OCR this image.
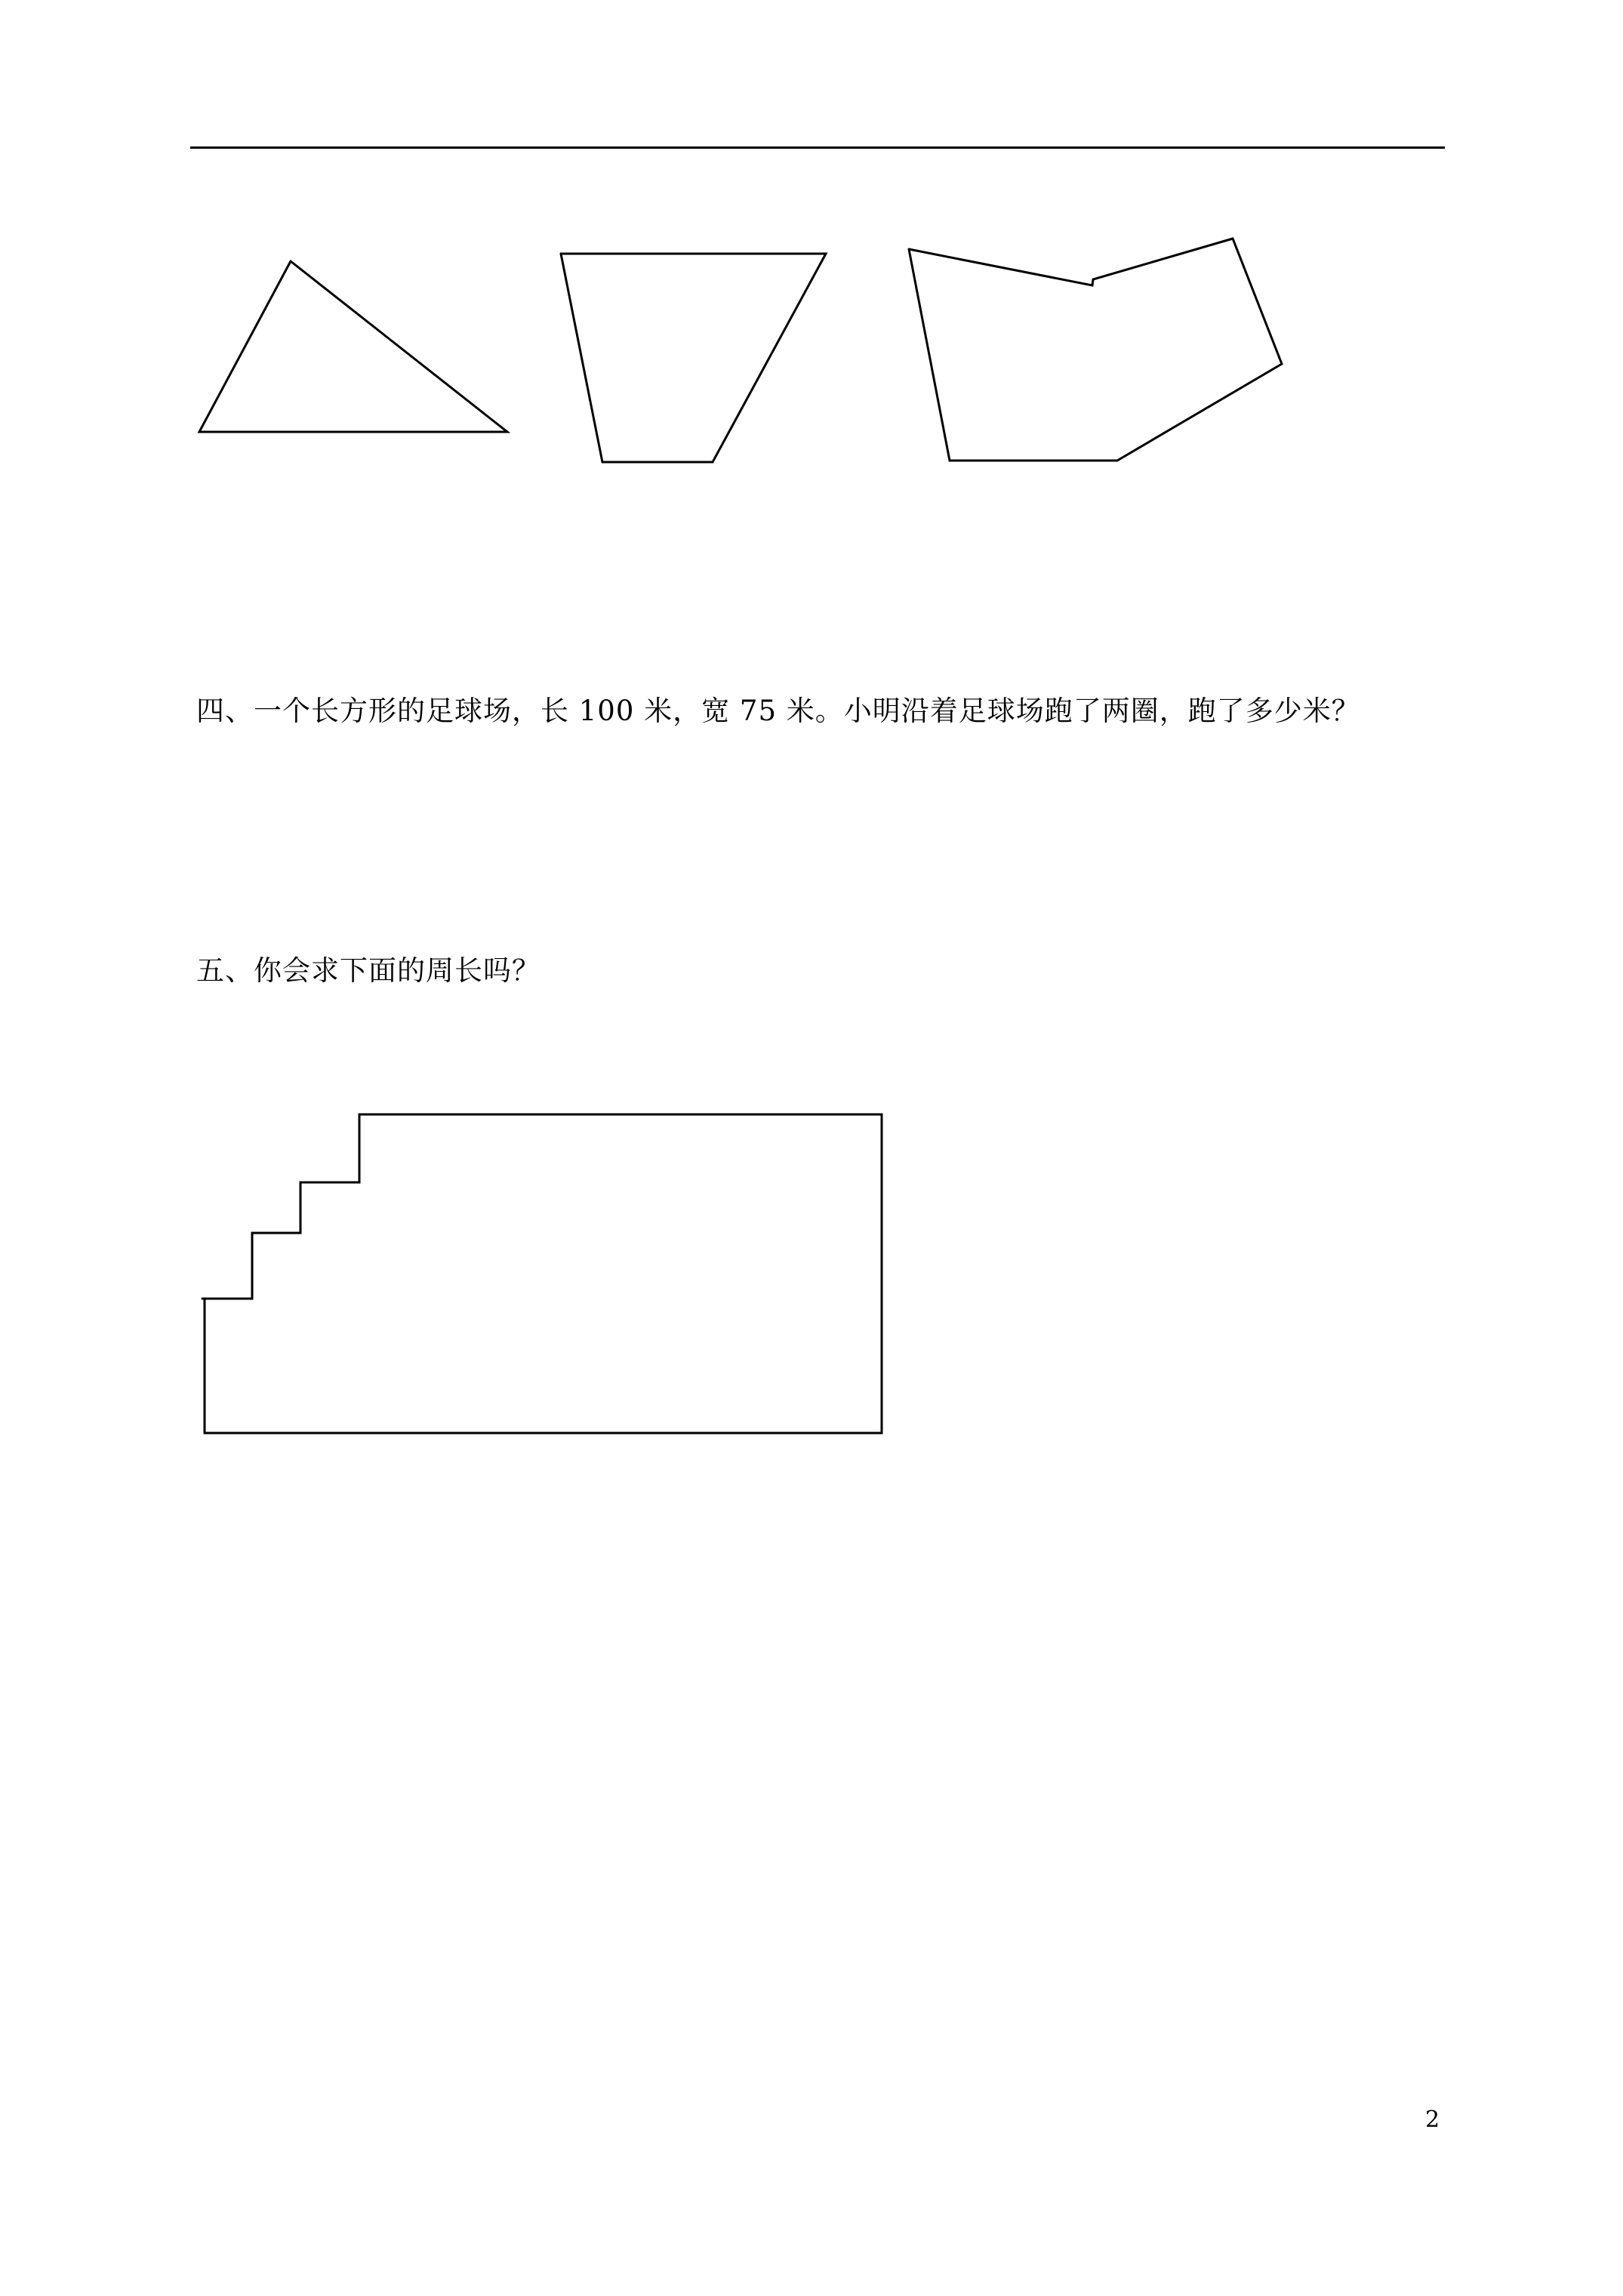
四、一个长方形的足球场，长 100 米，宽 75 米。小明沿着足球场跑了两圈，跑了多少米？
五、你会求下面的周长吗？
2
